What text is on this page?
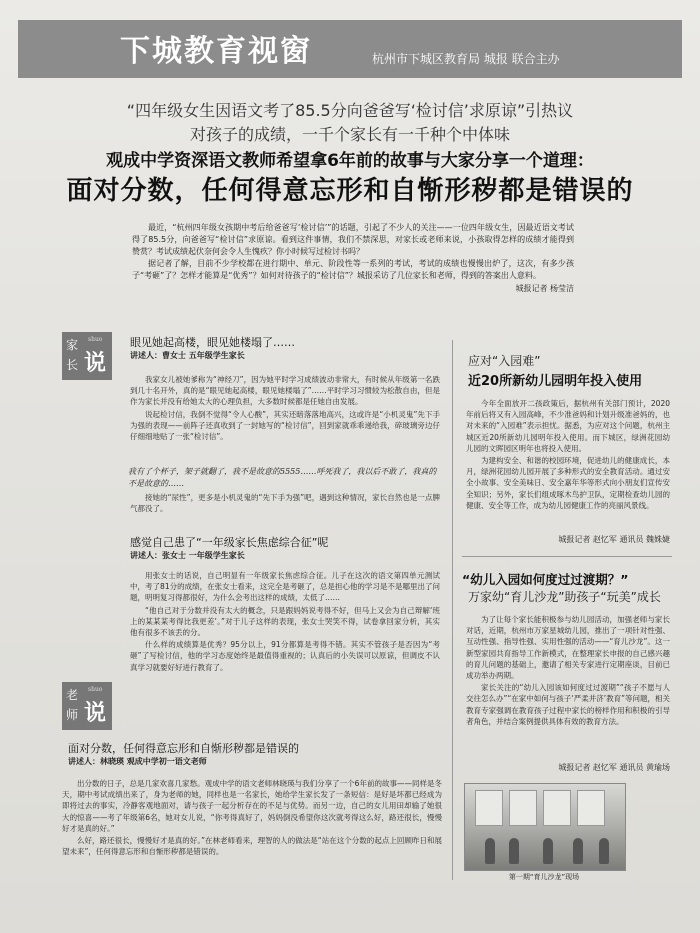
下城教育视窗	杭州市下城区教育局 城报 联合主办
“四年级女生因语文考了85.5分向爸爸写‘检讨信’求原谅”引热议
对孩子的成绩，一千个家长有一千种个中体味
观成中学资深语文教师希望拿6年前的故事与大家分享一个道理：
面对分数，任何得意忘形和自惭形秽都是错误的

最近，“杭州四年级女孩期中考后给爸爸写‘检讨信’”的话题，引起了不少人的关注——一位四年级女生，因最近语文考试得了85.5分，向爸爸写“检讨信”求原谅。看到这件事情，我们不禁深思，对家长或老师来说，小孩取得怎样的成绩才能得到赞赏？考试成绩起伏奈何会令人生愧疚？你小时候写过检讨书吗？

据记者了解，目前不少学校都在进行期中、单元、阶段性等一系列的考试，考试的成绩也慢慢出炉了，这次，有多少孩子“考砸”了？怎样才能算是“优秀”？如何对待孩子的“检讨信”？城报采访了几位家长和老师，得到的答案出人意料。

城报记者 杨莹洁
家 shuo
说
长
眼见她起高楼，眼见她楼塌了……
讲述人：曹女士 五年级学生家长

我家女儿被她爹称为“神经刀”，因为她平时学习成绩波动非常大，有时候从年级第一名跌到几十名开外，真的是“眼见她起高楼，眼见她楼塌了”……平时学习习惯较为松散自由，但是作为家长并没有给她太大的心理负担，大多数时候都是任她自由发展。

说起检讨信，我倒不觉得“令人心酸”，其实还暗落落地高兴，这或许是“小机灵鬼”先下手为强的表现——前阵子还真收到了一封她写的“检讨信”，回到家就乖乖递给我，碎玻璃旁边仔仔细细地贴了一张“检讨信”。

我有了个杯子，架子就翻了，我不是故意的5555……呼死我了，我以后不敢了，我真的不是故意的……

接她的“尿性”，更多是小机灵鬼的“先下手为强”吧，遇到这种情况，家长自然也是一点脾气都没了。

感觉自己患了“一年级家长焦虑综合征”呢
讲述人：张女士 一年级学生家长

用张女士的话说，自己明显有一年级家长焦虑综合征。儿子在这次的语文第四单元测试中，考了81分的成绩，在张女士看来，这完全是考砸了，总是担心他的学习是不是哪里出了问题，明明复习得都很好，为什么会考出这样的成绩，太低了……

“他自己对于分数并没有太大的概念，只是跟妈妈说考得不好，但马上又会为自己辩解‘班上的某某某考得比我更差’。”对于儿子这样的表现，张女士哭笑不得，试卷拿回家分析，其实他有很多不该丢的分。

什么样的成绩算是优秀？95分以上，91分都算是考得不错。其实不管孩子是否因为“考砸”了写检讨信，他的学习态度始终是最值得重视的；认真后的小失误可以原谅，但调皮不认真学习就要好好进行教育了。

老 shuo
说
师
面对分数，任何得意忘形和自惭形秽都是错误的
讲述人：林晓瑛 观成中学初一语文老师

出分数的日子，总是几家欢喜几家愁。观成中学的语文老师林晓瑛与我们分享了一个6年前的故事——同样是冬天，期中考试成绩出来了，身为老师的她，同样也是一名家长，她给学生家长发了一条短信：是好是坏都已经成为即将过去的事实，冷静客观地面对，请与孩子一起分析存在的不足与优势。而另一边，自己的女儿用田却输了她很大的惊喜——考了年级第6名，她对女儿说，“你考得真好了，妈妈倒没希望你这次就考得这么好，路还很长，慢慢好才是真的好。”

么好，路还很长，慢慢好才是真的好。”在林老师看来，理智的人的做法是“站在这个分数的起点上回顾昨日和展望未来”，任何得意忘形和自惭形秽都是错误的。

应对“入园难”
近20所新幼儿园明年投入使用

今年全面放开二孩政策后，据杭州有关部门预计，2020年前后将又有入园高峰，不少准爸妈和计划升级准爸妈的，也对未来的“入园难”表示担忧。据悉，为应对这个问题，杭州主城区近20所新幼儿园明年投入使用。而下城区，绿洲花园幼儿园的文晖园区明年也将投入使用。

为建构安全、和谐的校园环境，促进幼儿的健康成长，本月，绿洲花园幼儿园开展了多种形式的安全教育活动。通过安全小故事、安全美味日、安全嘉年华等形式向小朋友们宣传安全知识；另外，家长们组成啄木鸟护卫队，定期检查幼儿园的健康、安全等工作，成为幼儿园健康工作的亮丽风景线。

城报记者 赵忆军 通讯员 魏姝婕
“幼儿入园如何度过过渡期？”
万家幼“育儿沙龙”助孩子“玩美”成长

为了让每个家长能积极参与幼儿园活动，加强老师与家长对话，近期，杭州市万家星城幼儿园，推出了一项针对性强、互动性强、指导性强、实用性强的活动——“育儿沙龙”。这一新型家园共育指导工作新模式，在整理家长申报的自己感兴趣的育儿问题的基础上，邀请了相关专家进行定期座谈，目前已成功举办两期。

家长关注的“幼儿入园该如何度过过渡期”“孩子不愿与人交往怎么办”“在家中如何与孩子‘严柔并济’教育”等问题，相关教育专家强调在教育孩子过程中家长的榜样作用和积极的引导者角色，并结合案例提供具体有效的教育方法。

城报记者 赵忆军 通讯员 黄瑜场
第一期“育儿沙龙”现场
